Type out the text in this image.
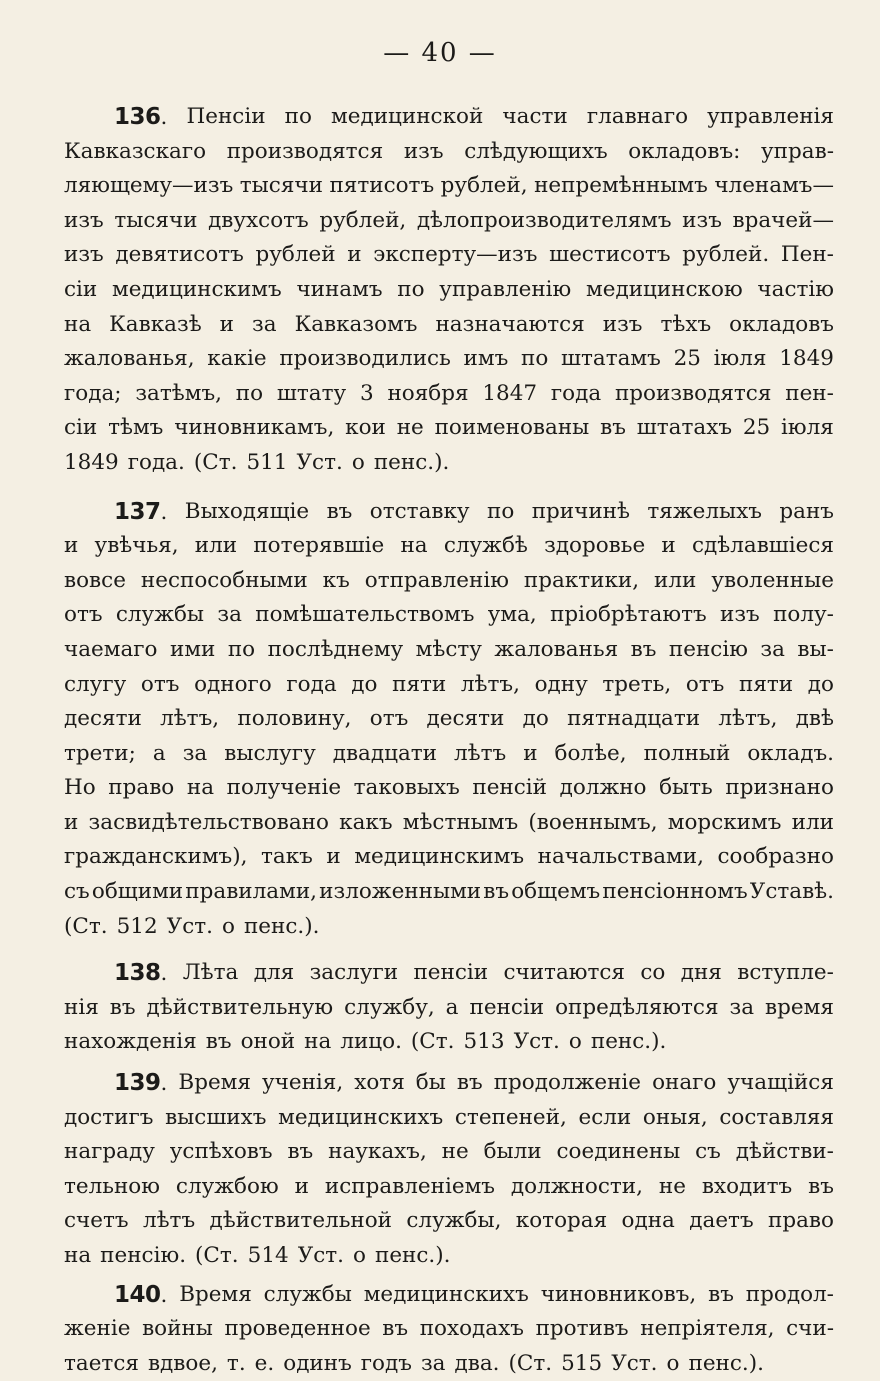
— 40 —
136. Пенсіи по медицинской части главнаго управленія
Кавказскаго производятся изъ слѣдующихъ окладовъ: управ-
ляющему—изъ тысячи пятисотъ рублей, непремѣннымъ членамъ—
изъ тысячи двухсотъ рублей, дѣлопроизводителямъ изъ врачей—
изъ девятисотъ рублей и эксперту—изъ шестисотъ рублей. Пен-
сіи медицинскимъ чинамъ по управленію медицинскою частію
на Кавказѣ и за Кавказомъ назначаются изъ тѣхъ окладовъ
жалованья, какіе производились имъ по штатамъ 25 іюля 1849
года; затѣмъ, по штату 3 ноября 1847 года производятся пен-
сіи тѣмъ чиновникамъ, кои не поименованы въ штатахъ 25 іюля
1849 года. (Ст. 511 Уст. о пенс.).
137. Выходящіе въ отставку по причинѣ тяжелыхъ ранъ
и увѣчья, или потерявшіе на службѣ здоровье и сдѣлавшіеся
вовсе неспособными къ отправленію практики, или уволенные
отъ службы за помѣшательствомъ ума, пріобрѣтаютъ изъ полу-
чаемаго ими по послѣднему мѣсту жалованья въ пенсію за вы-
слугу отъ одного года до пяти лѣтъ, одну треть, отъ пяти до
десяти лѣтъ, половину, отъ десяти до пятнадцати лѣтъ, двѣ
трети; а за выслугу двадцати лѣтъ и болѣе, полный окладъ.
Но право на полученіе таковыхъ пенсій должно быть признано
и засвидѣтельствовано какъ мѣстнымъ (военнымъ, морскимъ или
гражданскимъ), такъ и медицинскимъ начальствами, сообразно
съ общими правилами, изложенными въ общемъ пенсіонномъ Уставѣ.
(Ст. 512 Уст. о пенс.).
138. Лѣта для заслуги пенсіи считаются со дня вступле-
нія въ дѣйствительную службу, а пенсіи опредѣляются за время
нахожденія въ оной на лицо. (Ст. 513 Уст. о пенс.).
139. Время ученія, хотя бы въ продолженіе онаго учащійся
достигъ высшихъ медицинскихъ степеней, если оныя, составляя
награду успѣховъ въ наукахъ, не были соединены съ дѣйстви-
тельною службою и исправленіемъ должности, не входитъ въ
счетъ лѣтъ дѣйствительной службы, которая одна даетъ право
на пенсію. (Ст. 514 Уст. о пенс.).
140. Время службы медицинскихъ чиновниковъ, въ продол-
женіе войны проведенное въ походахъ противъ непріятеля, счи-
тается вдвое, т. е. одинъ годъ за два. (Ст. 515 Уст. о пенс.).
